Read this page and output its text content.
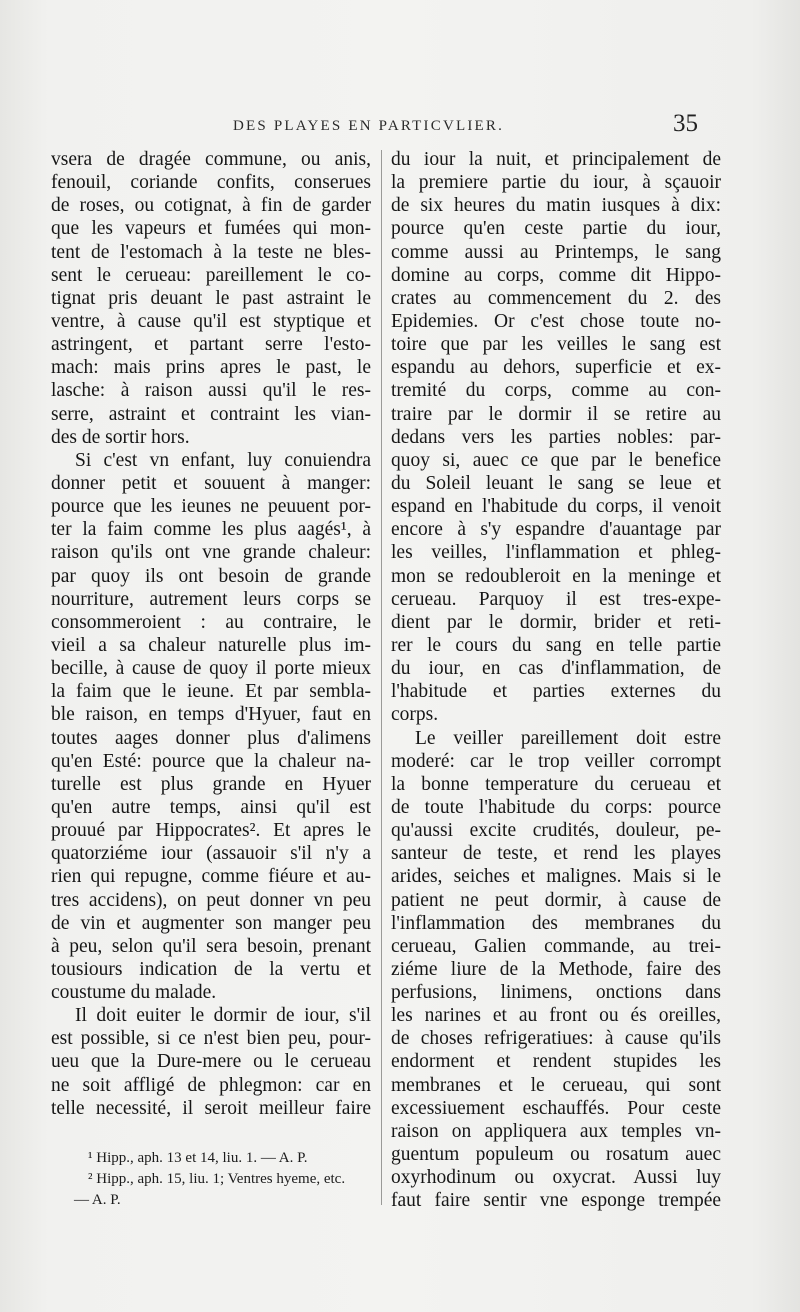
DES PLAYES EN PARTICVLIER.	35
vsera de dragée commune, ou anis,
fenouil, coriande confits, conserues
de roses, ou cotignat, à fin de garder
que les vapeurs et fumées qui mon-
tent de l'estomach à la teste ne bles-
sent le cerueau: pareillement le co-
tignat pris deuant le past astraint le
ventre, à cause qu'il est styptique et
astringent, et partant serre l'esto-
mach: mais prins apres le past, le
lasche: à raison aussi qu'il le res-
serre, astraint et contraint les vian-
des de sortir hors.
Si c'est vn enfant, luy conuiendra
donner petit et souuent à manger:
pource que les ieunes ne peuuent por-
ter la faim comme les plus aagés¹, à
raison qu'ils ont vne grande chaleur:
par quoy ils ont besoin de grande
nourriture, autrement leurs corps se
consommeroient : au contraire, le
vieil a sa chaleur naturelle plus im-
becille, à cause de quoy il porte mieux
la faim que le ieune. Et par sembla-
ble raison, en temps d'Hyuer, faut en
toutes aages donner plus d'alimens
qu'en Esté: pource que la chaleur na-
turelle est plus grande en Hyuer
qu'en autre temps, ainsi qu'il est
prouué par Hippocrates². Et apres le
quatorziéme iour (assauoir s'il n'y a
rien qui repugne, comme fiéure et au-
tres accidens), on peut donner vn peu
de vin et augmenter son manger peu
à peu, selon qu'il sera besoin, prenant
tousiours indication de la vertu et
coustume du malade.
Il doit euiter le dormir de iour, s'il
est possible, si ce n'est bien peu, pour-
ueu que la Dure-mere ou le cerueau
ne soit affligé de phlegmon: car en
telle necessité, il seroit meilleur faire
du iour la nuit, et principalement de
la premiere partie du iour, à sçauoir
de six heures du matin iusques à dix:
pource qu'en ceste partie du iour,
comme aussi au Printemps, le sang
domine au corps, comme dit Hippo-
crates au commencement du 2. des
Epidemies. Or c'est chose toute no-
toire que par les veilles le sang est
espandu au dehors, superficie et ex-
tremité du corps, comme au con-
traire par le dormir il se retire au
dedans vers les parties nobles: par-
quoy si, auec ce que par le benefice
du Soleil leuant le sang se leue et
espand en l'habitude du corps, il venoit
encore à s'y espandre d'auantage par
les veilles, l'inflammation et phleg-
mon se redoubleroit en la meninge et
cerueau. Parquoy il est tres-expe-
dient par le dormir, brider et reti-
rer le cours du sang en telle partie
du iour, en cas d'inflammation, de
l'habitude et parties externes du
corps.
Le veiller pareillement doit estre
moderé: car le trop veiller corrompt
la bonne temperature du cerueau et
de toute l'habitude du corps: pource
qu'aussi excite crudités, douleur, pe-
santeur de teste, et rend les playes
arides, seiches et malignes. Mais si le
patient ne peut dormir, à cause de
l'inflammation des membranes du
cerueau, Galien commande, au trei-
ziéme liure de la Methode, faire des
perfusions, linimens, onctions dans
les narines et au front ou és oreilles,
de choses refrigeratiues: à cause qu'ils
endorment et rendent stupides les
membranes et le cerueau, qui sont
excessiuement eschauffés. Pour ceste
raison on appliquera aux temples vn-
guentum populeum ou rosatum auec
oxyrhodinum ou oxycrat. Aussi luy
faut faire sentir vne esponge trempée
¹ Hipp., aph. 13 et 14, liu. 1. — A. P.
² Hipp., aph. 15, liu. 1; Ventres hyeme, etc.
— A. P.
